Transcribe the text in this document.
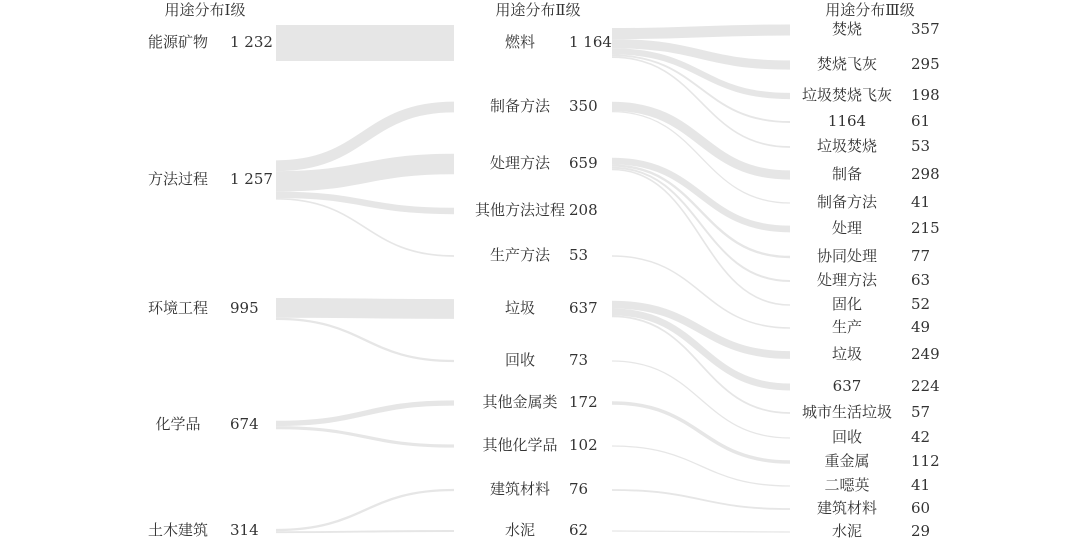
能源矿物 1 232
方法过程 1 257
环境工程 995
化学品 674
土木建筑 314
燃料 1 164
制备方法 350
处理方法 659
其他方法过程 208
生产方法 53
垃圾 637
回收 73
其他金属类 172
其他化学品 102
建筑材料 76
水泥 62
焚烧	357
焚烧飞灰 295
垃圾焚烧飞灰 198
1164	61
垃圾焚烧 53
制备	298
制备方法 41
处理	215
协同处理 77
处理方法 63
固化	52
生产	49
垃圾	249
637	224
城市生活垃圾 57
回收	42
重金属	112
二噁英	41
建筑材料 60
水泥	29
用途分布Ⅰ级	用途分布Ⅱ级	用途分布Ⅲ级
